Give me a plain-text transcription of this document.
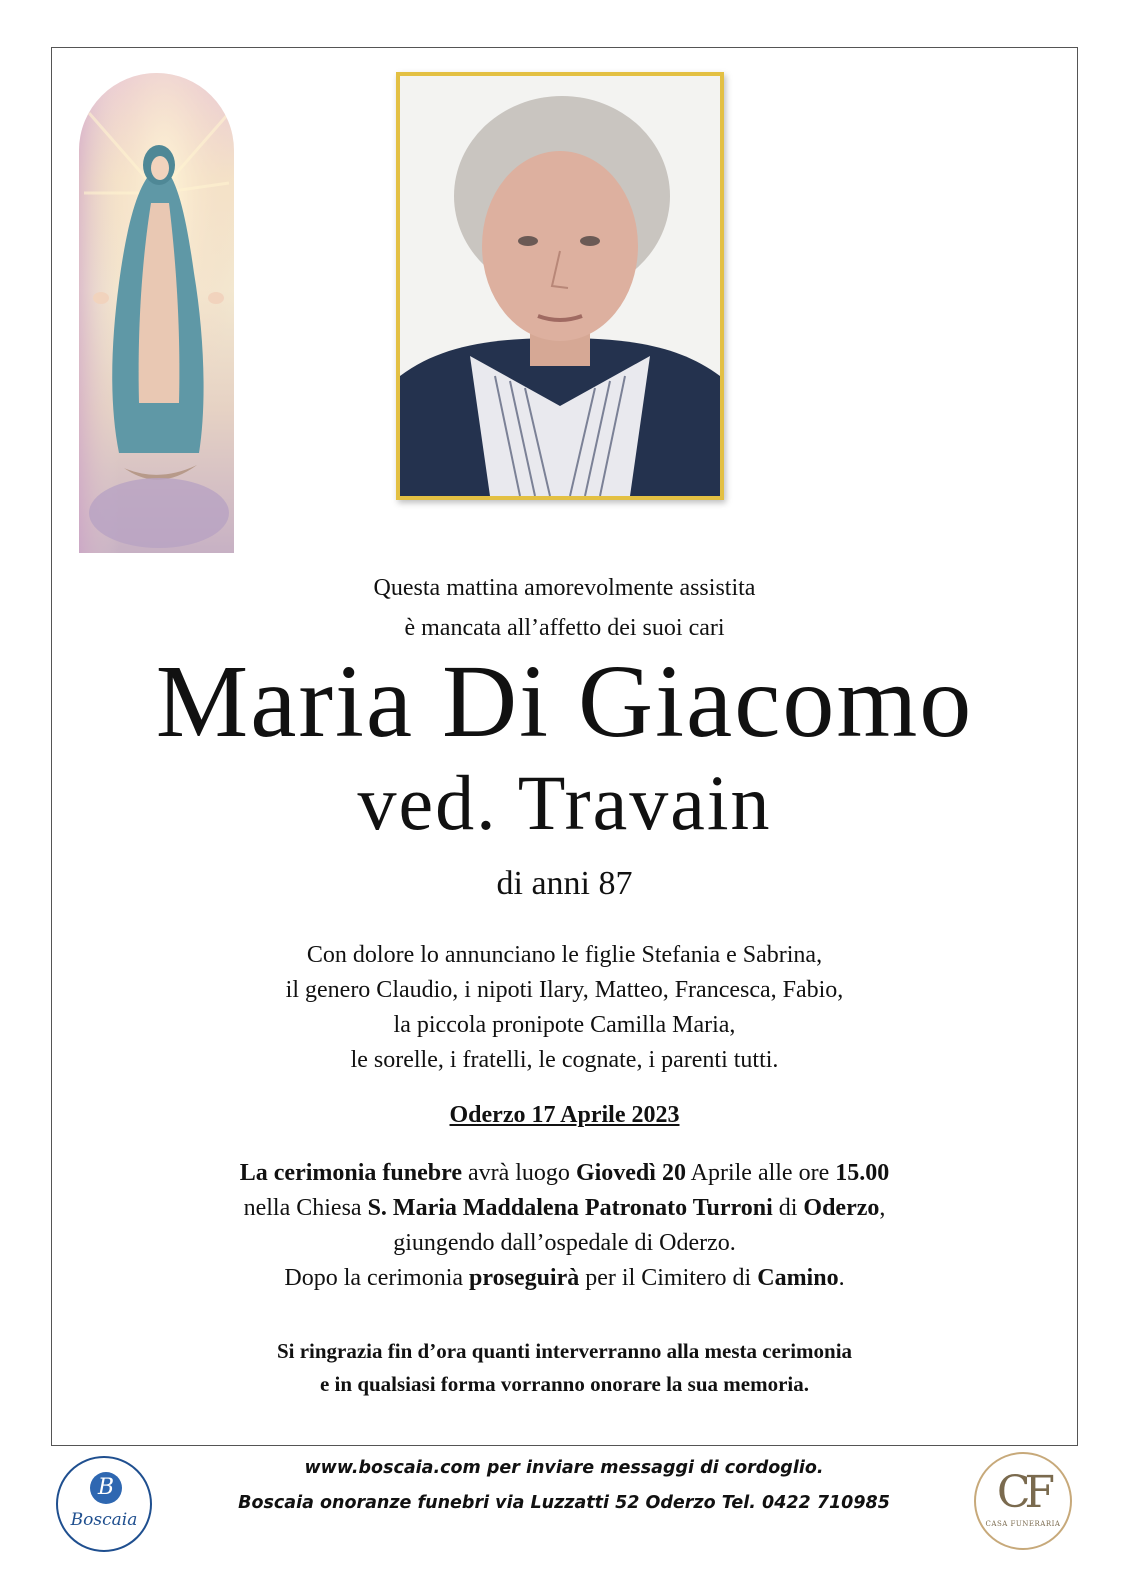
Questa mattina amorevolmente assistita
è mancata all’affetto dei suoi cari
Maria Di Giacomo
ved. Travain
di anni 87
Con dolore lo annunciano le figlie Stefania e Sabrina,
il genero Claudio, i nipoti Ilary, Matteo, Francesca, Fabio,
la piccola pronipote Camilla Maria,
le sorelle, i fratelli, le cognate, i parenti tutti.
Oderzo 17 Aprile 2023
La cerimonia funebre avrà luogo Giovedì 20 Aprile alle ore 15.00
nella Chiesa S. Maria Maddalena Patronato Turroni di Oderzo,
giungendo dall’ospedale di Oderzo.
Dopo la cerimonia proseguirà per il Cimitero di Camino.
Si ringrazia fin d’ora quanti interverranno alla mesta cerimonia
e in qualsiasi forma vorranno onorare la sua memoria.
B
Boscaia
www.boscaia.com per inviare messaggi di cordoglio.
Boscaia onoranze funebri via Luzzatti 52 Oderzo Tel. 0422 710985	CF
CASA FUNERARIA
